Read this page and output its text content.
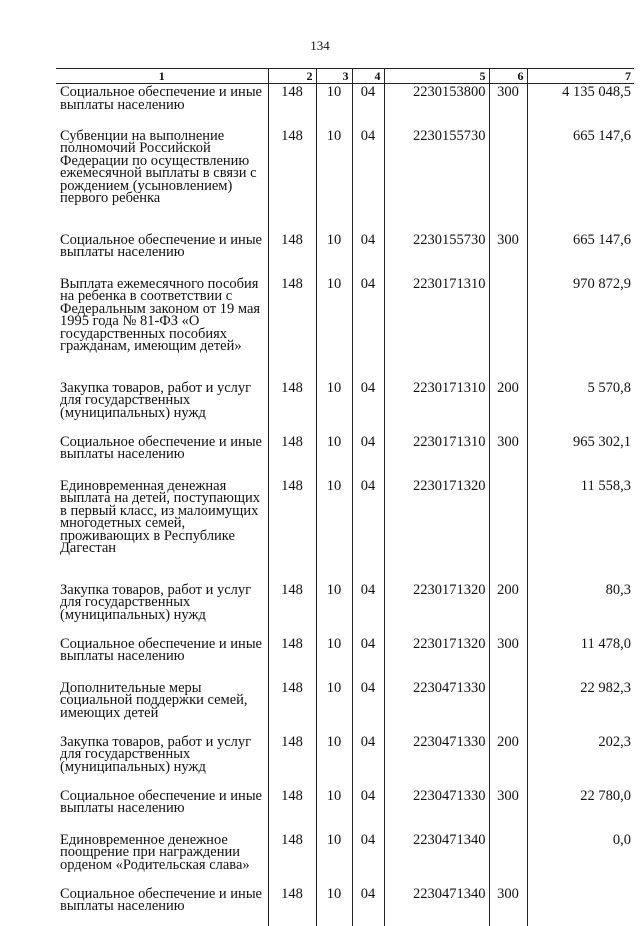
134
1	2	3	4	5	6	7
Социальное обеспечение и иные выплаты населению	148	10	04	2230153800	300	4 135 048,5
Субвенции на выполнение полномочий Российской Федерации по осуществлению ежемесячной выплаты в связи с рождением (усыновлением) первого ребенка	148	10	04	2230155730		665 147,6
Социальное обеспечение и иные выплаты населению	148	10	04	2230155730	300	665 147,6
Выплата ежемесячного пособия на ребенка в соответствии с Федеральным законом от 19 мая 1995 года № 81-ФЗ «О государственных пособиях гражданам, имеющим детей»	148	10	04	2230171310		970 872,9
Закупка товаров, работ и услуг для государственных (муниципальных) нужд	148	10	04	2230171310	200	5 570,8
Социальное обеспечение и иные выплаты населению	148	10	04	2230171310	300	965 302,1
Единовременная денежная выплата на детей, поступающих в первый класс, из малоимущих многодетных семей, проживающих в Республике Дагестан	148	10	04	2230171320		11 558,3
Закупка товаров, работ и услуг для государственных (муниципальных) нужд	148	10	04	2230171320	200	80,3
Социальное обеспечение и иные выплаты населению	148	10	04	2230171320	300	11 478,0
Дополнительные меры социальной поддержки семей, имеющих детей	148	10	04	2230471330		22 982,3
Закупка товаров, работ и услуг для государственных (муниципальных) нужд	148	10	04	2230471330	200	202,3
Социальное обеспечение и иные выплаты населению	148	10	04	2230471330	300	22 780,0
Единовременное денежное поощрение при награждении орденом «Родительская слава»	148	10	04	2230471340		0,0
Социальное обеспечение и иные выплаты населению	148	10	04	2230471340	300	
